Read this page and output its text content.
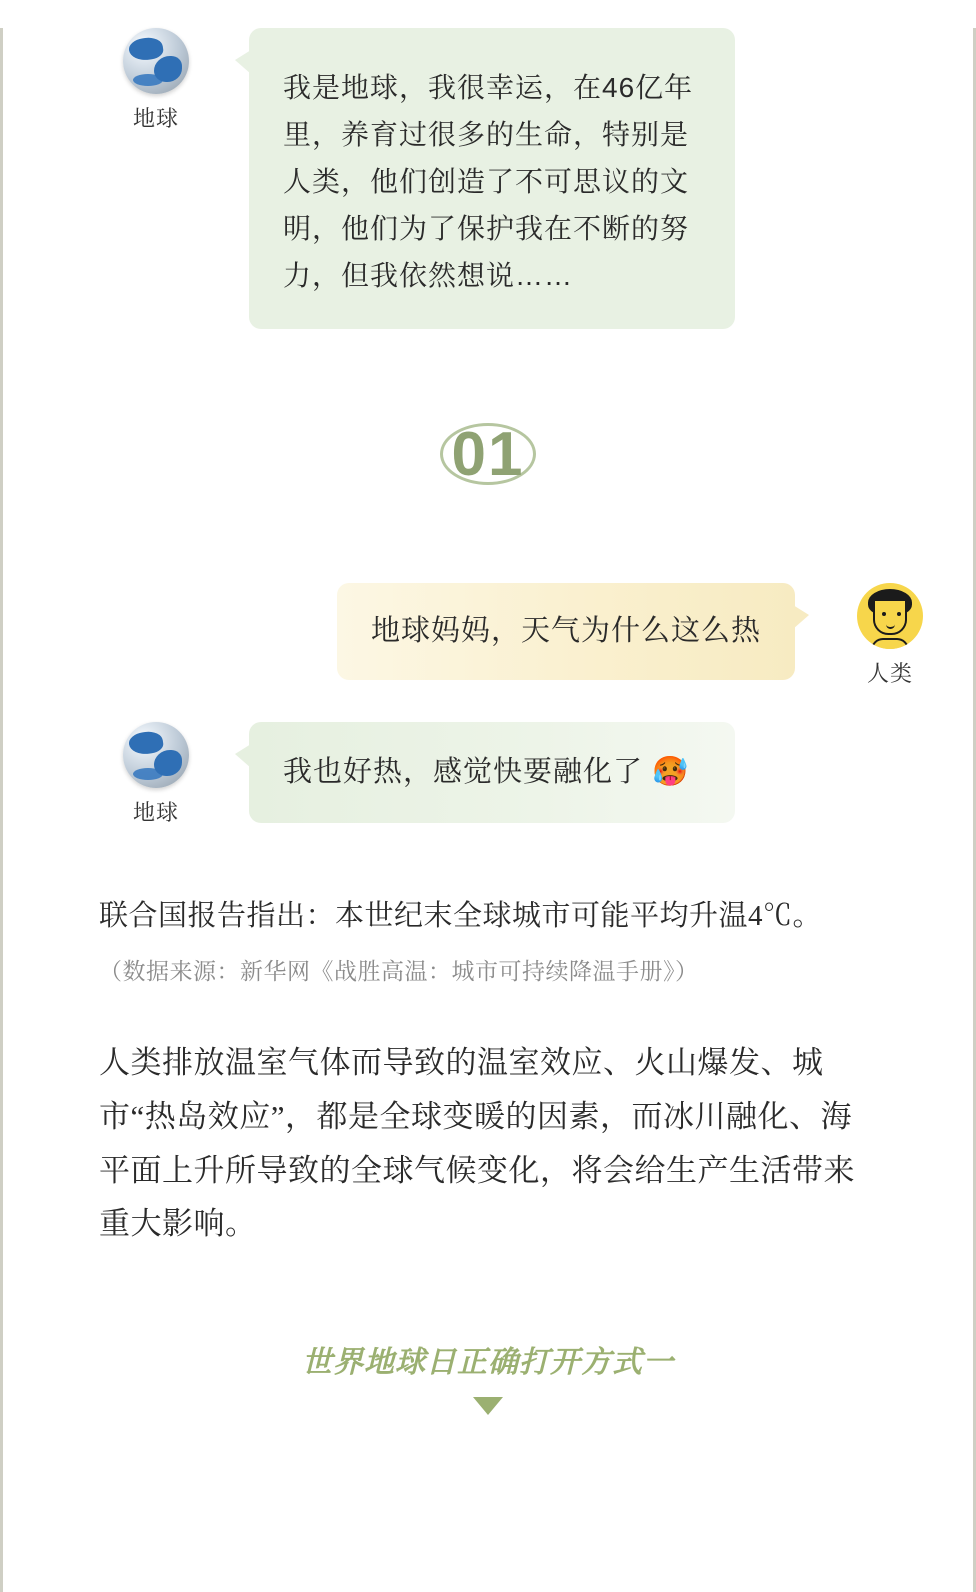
地球
我是地球，我很幸运，在46亿年里，养育过很多的生命，特别是人类，他们创造了不可思议的文明，他们为了保护我在不断的努力，但我依然想说……
01
地球妈妈，天气为什么这么热
人类
地球
我也好热，感觉快要融化了 🥵
联合国报告指出：本世纪末全球城市可能平均升温4℃。
（数据来源：新华网《战胜高温：城市可持续降温手册》）
人类排放温室气体而导致的温室效应、火山爆发、城市“热岛效应”，都是全球变暖的因素，而冰川融化、海平面上升所导致的全球气候变化，将会给生产生活带来重大影响。
世界地球日正确打开方式一
